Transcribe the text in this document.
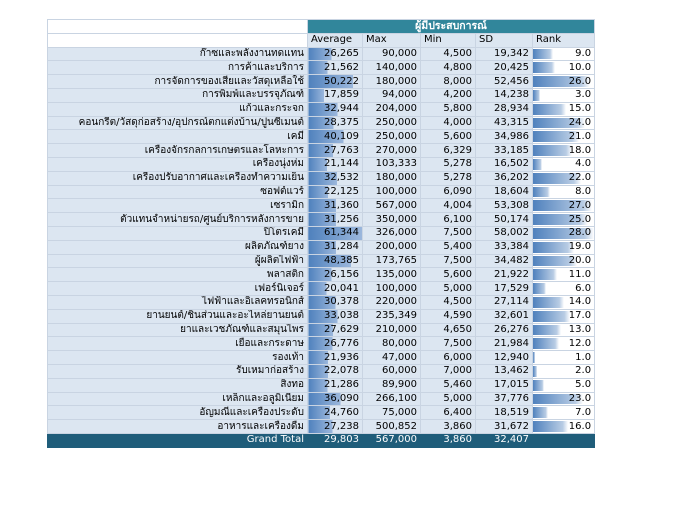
	ผู้มีประสบการณ์				
	Average	Max	Min	SD	Rank
ก๊าซและพลังงานทดแทน	26,265	90,000	4,500	19,342	9.0
การค้าและบริการ	21,562	140,000	4,800	20,425	10.0
การจัดการของเสียและวัสดุเหลือใช้	50,222	180,000	8,000	52,456	26.0
การพิมพ์และบรรจุภัณฑ์	17,859	94,000	4,200	14,238	3.0
แก้วและกระจก	32,944	204,000	5,800	28,934	15.0
คอนกรีต/วัสดุก่อสร้าง/อุปกรณ์ตกแต่งบ้าน/ปูนซีเมนต์	28,375	250,000	4,000	43,315	24.0
เคมี	40,109	250,000	5,600	34,986	21.0
เครื่องจักรกลการเกษตรและโลหะการ	27,763	270,000	6,329	33,185	18.0
เครื่องนุ่งห่ม	21,144	103,333	5,278	16,502	4.0
เครื่องปรับอากาศและเครื่องทำความเย็น	32,532	180,000	5,278	36,202	22.0
ซอฟต์แวร์	22,125	100,000	6,090	18,604	8.0
เซรามิก	31,360	567,000	4,004	53,308	27.0
ตัวแทนจำหน่ายรถ/ศูนย์บริการหลังการขาย	31,256	350,000	6,100	50,174	25.0
ปิโตรเคมี	61,344	326,000	7,500	58,002	28.0
ผลิตภัณฑ์ยาง	31,284	200,000	5,400	33,384	19.0
ผู้ผลิตไฟฟ้า	48,385	173,765	7,500	34,482	20.0
พลาสติก	26,156	135,000	5,600	21,922	11.0
เฟอร์นิเจอร์	20,041	100,000	5,000	17,529	6.0
ไฟฟ้าและอิเลคทรอนิกส์	30,378	220,000	4,500	27,114	14.0
ยานยนต์/ชิ้นส่วนและอะไหล่ยานยนต์	33,038	235,349	4,590	32,601	17.0
ยาและเวชภัณฑ์และสมุนไพร	27,629	210,000	4,650	26,276	13.0
เยื่อและกระดาษ	26,776	80,000	7,500	21,984	12.0
รองเท้า	21,936	47,000	6,000	12,940	1.0
รับเหมาก่อสร้าง	22,078	60,000	7,000	13,462	2.0
สิ่งทอ	21,286	89,900	5,460	17,015	5.0
เหล็กและอลูมิเนียม	36,090	266,100	5,000	37,776	23.0
อัญมณีและเครื่องประดับ	24,760	75,000	6,400	18,519	7.0
อาหารและเครื่องดื่ม	27,238	500,852	3,860	31,672	16.0
Grand Total	29,803	567,000	3,860	32,407	
